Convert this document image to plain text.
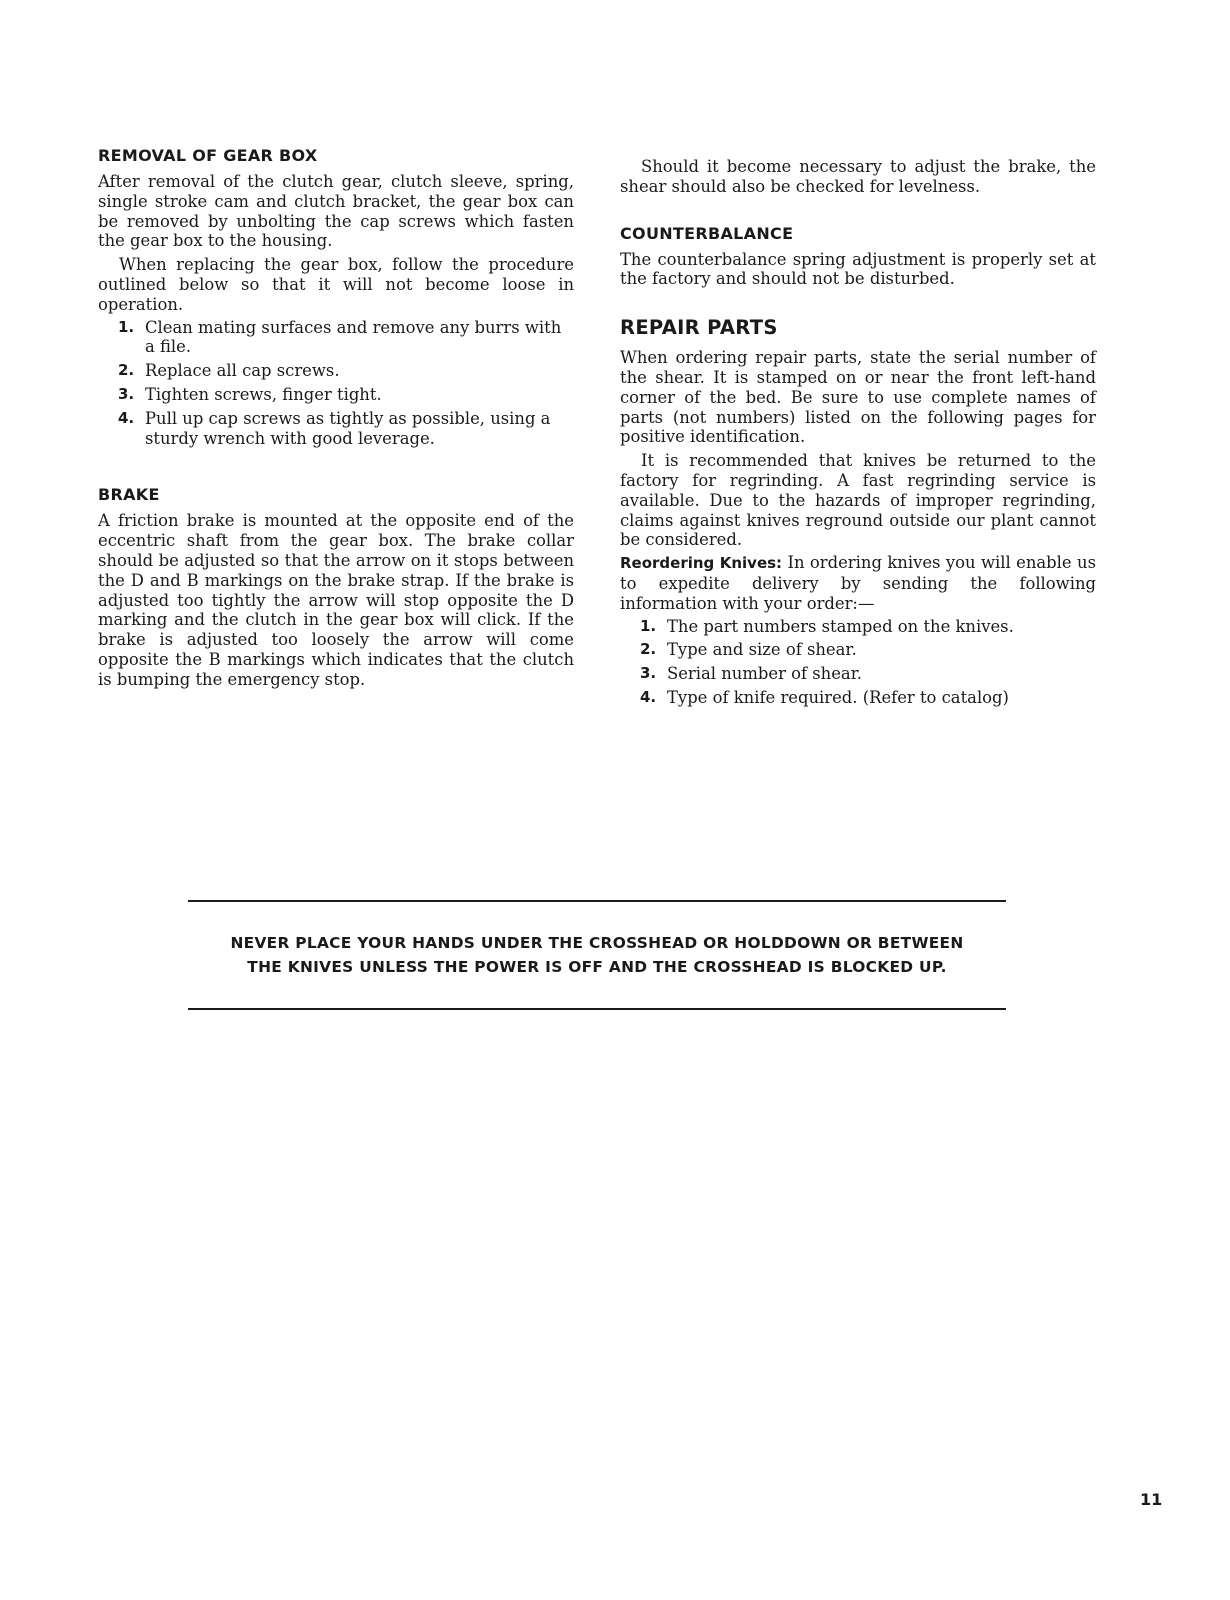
REMOVAL OF GEAR BOX

After removal of the clutch gear, clutch sleeve, spring, single stroke cam and clutch bracket, the gear box can be removed by unbolting the cap screws which fasten the gear box to the housing.

When replacing the gear box, follow the procedure outlined below so that it will not become loose in operation.

1. Clean mating surfaces and remove any burrs with a file.
2. Replace all cap screws.
3. Tighten screws, finger tight.
4. Pull up cap screws as tightly as possible, using a sturdy wrench with good leverage.
BRAKE

A friction brake is mounted at the opposite end of the eccentric shaft from the gear box. The brake collar should be adjusted so that the arrow on it stops between the D and B markings on the brake strap. If the brake is adjusted too tightly the arrow will stop opposite the D marking and the clutch in the gear box will click. If the brake is adjusted too loosely the arrow will come opposite the B markings which indicates that the clutch is bumping the emergency stop.

Should it become necessary to adjust the brake, the shear should also be checked for levelness.

COUNTERBALANCE

The counterbalance spring adjustment is properly set at the factory and should not be disturbed.

REPAIR PARTS

When ordering repair parts, state the serial number of the shear. It is stamped on or near the front left-hand corner of the bed. Be sure to use complete names of parts (not numbers) listed on the following pages for positive identification.

It is recommended that knives be returned to the factory for regrinding. A fast regrinding service is available. Due to the hazards of improper regrinding, claims against knives reground outside our plant cannot be considered.

Reordering Knives: In ordering knives you will enable us to expedite delivery by sending the following information with your order:—

1. The part numbers stamped on the knives.
2. Type and size of shear.
3. Serial number of shear.
4. Type of knife required. (Refer to catalog)
NEVER PLACE YOUR HANDS UNDER THE CROSSHEAD OR HOLDDOWN OR BETWEEN
THE KNIVES UNLESS THE POWER IS OFF AND THE CROSSHEAD IS BLOCKED UP.
11
